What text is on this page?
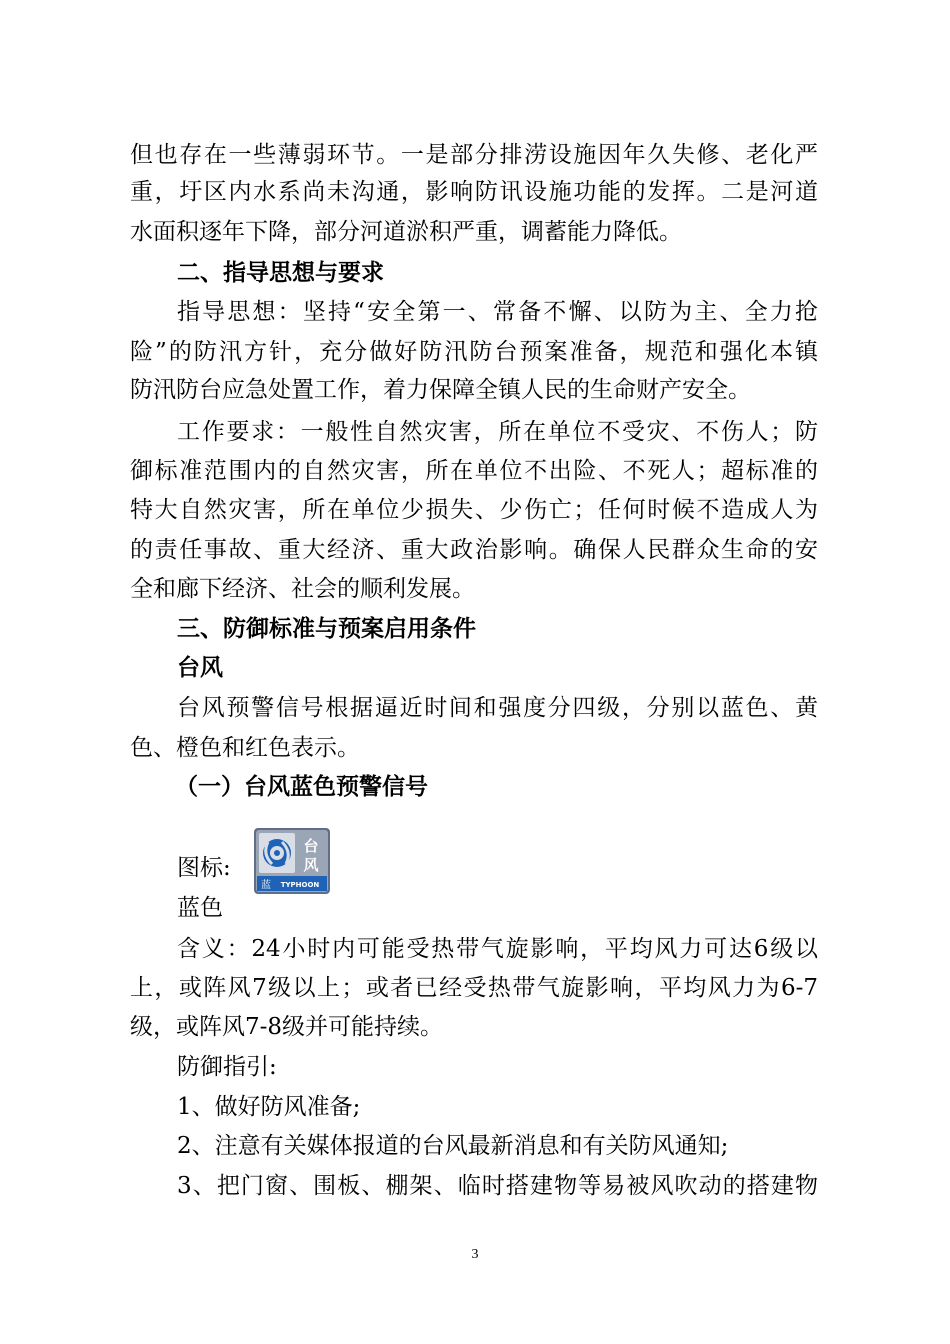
但也存在一些薄弱环节。一是部分排涝设施因年久失修、老化严
重，圩区内水系尚未沟通，影响防讯设施功能的发挥。二是河道
水面积逐年下降，部分河道淤积严重，调蓄能力降低。
二、指导思想与要求
指导思想：坚持“安全第一、常备不懈、以防为主、全力抢
险”的防汛方针，充分做好防汛防台预案准备，规范和强化本镇
防汛防台应急处置工作，着力保障全镇人民的生命财产安全。
工作要求：一般性自然灾害，所在单位不受灾、不伤人；防
御标准范围内的自然灾害，所在单位不出险、不死人；超标准的
特大自然灾害，所在单位少损失、少伤亡；任何时候不造成人为
的责任事故、重大经济、重大政治影响。确保人民群众生命的安
全和廊下经济、社会的顺利发展。
三、防御标准与预案启用条件
台风
台风预警信号根据逼近时间和强度分四级，分别以蓝色、黄
色、橙色和红色表示。
（一）台风蓝色预警信号
图标:
台
风
蓝 TYPHOON
蓝色
含义：24小时内可能受热带气旋影响，平均风力可达6级以
上，或阵风7级以上；或者已经受热带气旋影响，平均风力为6-7
级，或阵风7-8级并可能持续。
防御指引:
1、做好防风准备;
2、注意有关媒体报道的台风最新消息和有关防风通知;
3、把门窗、围板、棚架、临时搭建物等易被风吹动的搭建物
3
